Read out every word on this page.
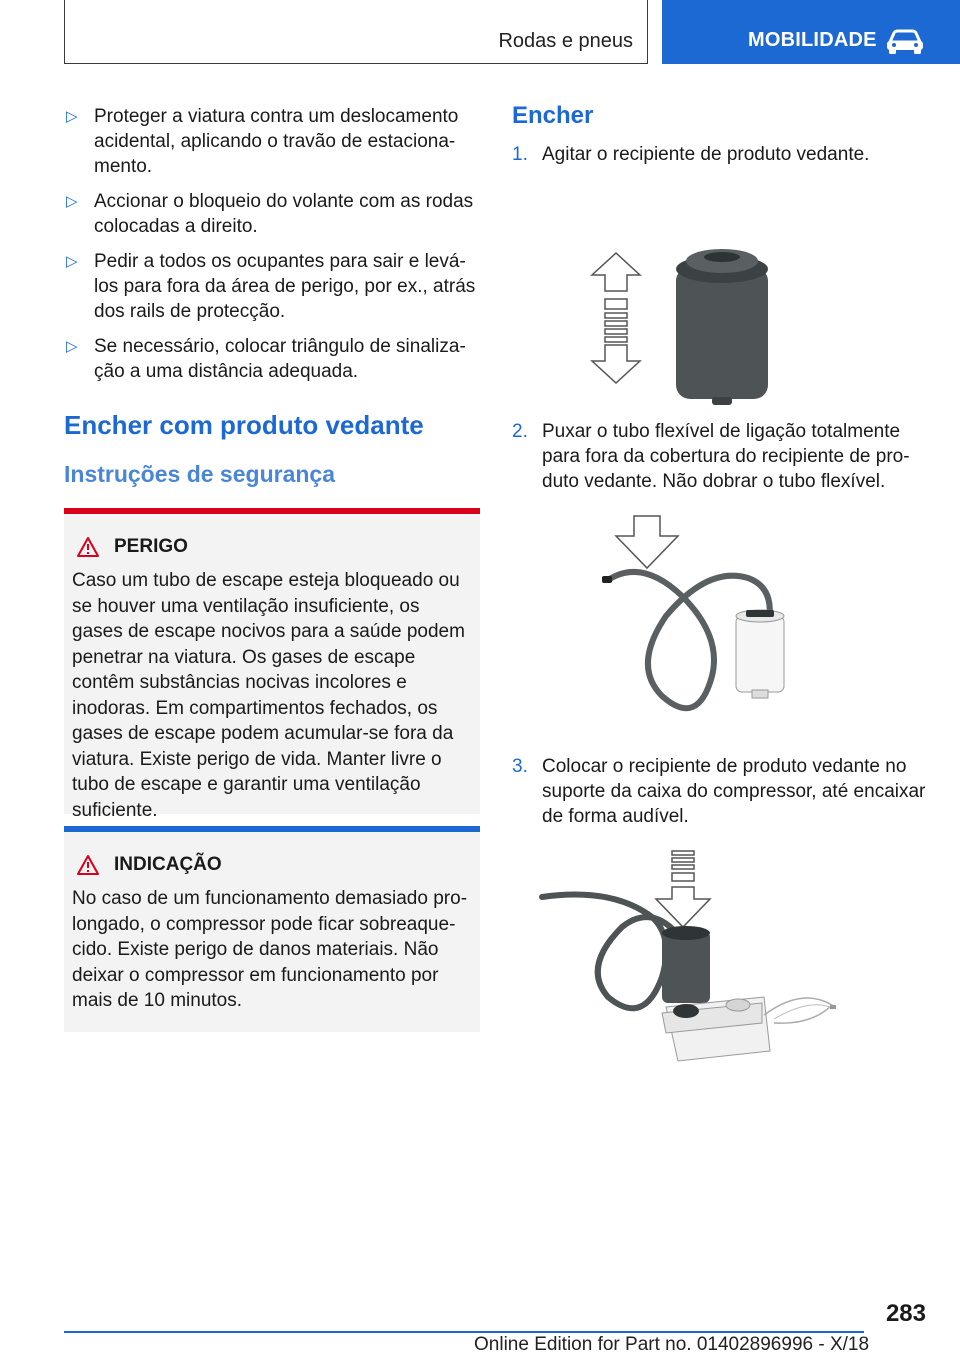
Rodas e pneus	MOBILIDADE
▷ Proteger a viatura contra um deslocamento acidental, aplicando o travão de estacionamento.
▷ Accionar o bloqueio do volante com as rodas colocadas a direito.
▷ Pedir a todos os ocupantes para sair e levá-los para fora da área de perigo, por ex., atrás dos rails de protecção.
▷ Se necessário, colocar triângulo de sinalização a uma distância adequada.
Encher com produto vedante
Instruções de segurança
PERIGO
Caso um tubo de escape esteja bloqueado ou se houver uma ventilação insuficiente, os gases de escape nocivos para a saúde podem penetrar na viatura. Os gases de escape contêm substâncias nocivas incolores e inodoras. Em compartimentos fechados, os gases de escape podem acumular-se fora da viatura. Existe perigo de vida. Manter livre o tubo de escape e garantir uma ventilação suficiente.
INDICAÇÃO
No caso de um funcionamento demasiado prolongado, o compressor pode ficar sobreaquecido. Existe perigo de danos materiais. Não deixar o compressor em funcionamento por mais de 10 minutos.
Encher
1. Agitar o recipiente de produto vedante.
2. Puxar o tubo flexível de ligação totalmente para fora da cobertura do recipiente de produto vedante. Não dobrar o tubo flexível.
3. Colocar o recipiente de produto vedante no suporte da caixa do compressor, até encaixar de forma audível.
283
Online Edition for Part no. 01402896996 - X/18
